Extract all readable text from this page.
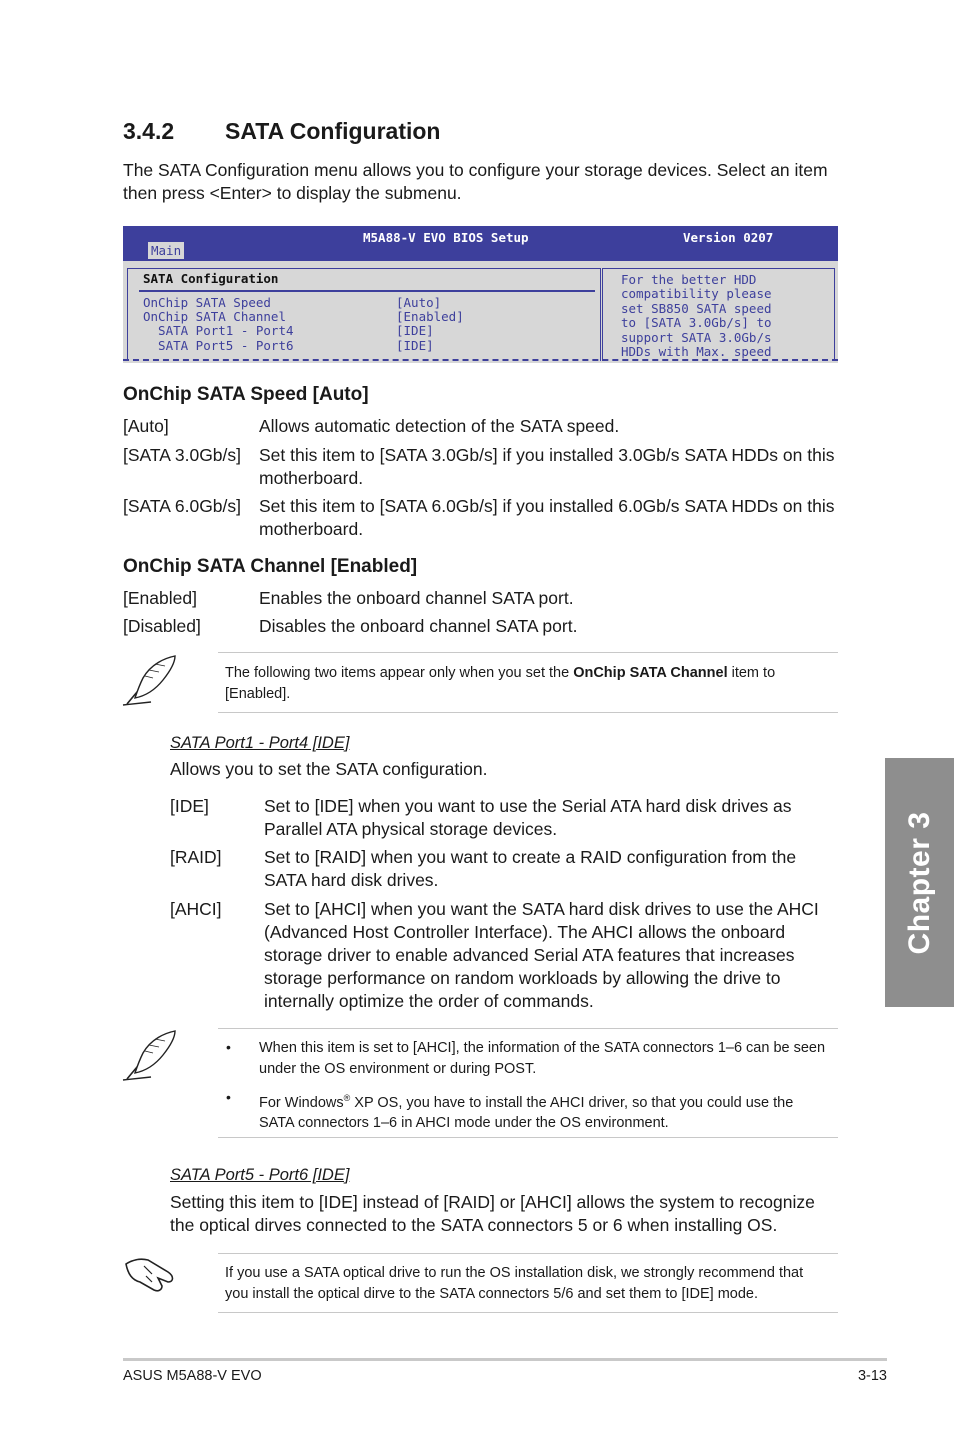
3.4.2 SATA Configuration

The SATA Configuration menu allows you to configure your storage devices. Select an item then press <Enter> to display the submenu.

M5A88-V EVO BIOS Setup	Version 0207
Main
SATA Configuration
OnChip SATA Speed	[Auto]
OnChip SATA Channel	[Enabled]
SATA Port1 - Port4	[IDE]
SATA Port5 - Port6	[IDE]
For the better HDD
compatibility please
set SB850 SATA speed
to [SATA 3.0Gb/s] to
support SATA 3.0Gb/s
HDDs with Max. speed
OnChip SATA Speed [Auto]
[Auto]	Allows automatic detection of the SATA speed.
[SATA 3.0Gb/s] Set this item to [SATA 3.0Gb/s] if you installed 3.0Gb/s SATA HDDs on this motherboard.
[SATA 6.0Gb/s] Set this item to [SATA 6.0Gb/s] if you installed 6.0Gb/s SATA HDDs on this motherboard.
OnChip SATA Channel [Enabled]
[Enabled]	Enables the onboard channel SATA port.
[Disabled]	Disables the onboard channel SATA port.
The following two items appear only when you set the OnChip SATA Channel item to [Enabled].
SATA Port1 - Port4 [IDE]
Allows you to set the SATA configuration.
[IDE]	Set to [IDE] when you want to use the Serial ATA hard disk drives as Parallel ATA physical storage devices.
[RAID] Set to [RAID] when you want to create a RAID configuration from the SATA hard disk drives.
[AHCI] Set to [AHCI] when you want the SATA hard disk drives to use the AHCI (Advanced Host Controller Interface). The AHCI allows the onboard storage driver to enable advanced Serial ATA features that increases storage performance on random workloads by allowing the drive to internally optimize the order of commands.
• When this item is set to [AHCI], the information of the SATA connectors 1–6 can be seen under the OS environment or during POST.
• For Windows® XP OS, you have to install the AHCI driver, so that you could use the SATA connectors 1–6 in AHCI mode under the OS environment.
SATA Port5 - Port6 [IDE]
Setting this item to [IDE] instead of [RAID] or [AHCI] allows the system to recognize the optical dirves connected to the SATA connectors 5 or 6 when installing OS.
If you use a SATA optical drive to run the OS installation disk, we strongly recommend that you install the optical dirve to the SATA connectors 5/6 and set them to [IDE] mode.
Chapter 3
ASUS M5A88-V EVO	3-13
